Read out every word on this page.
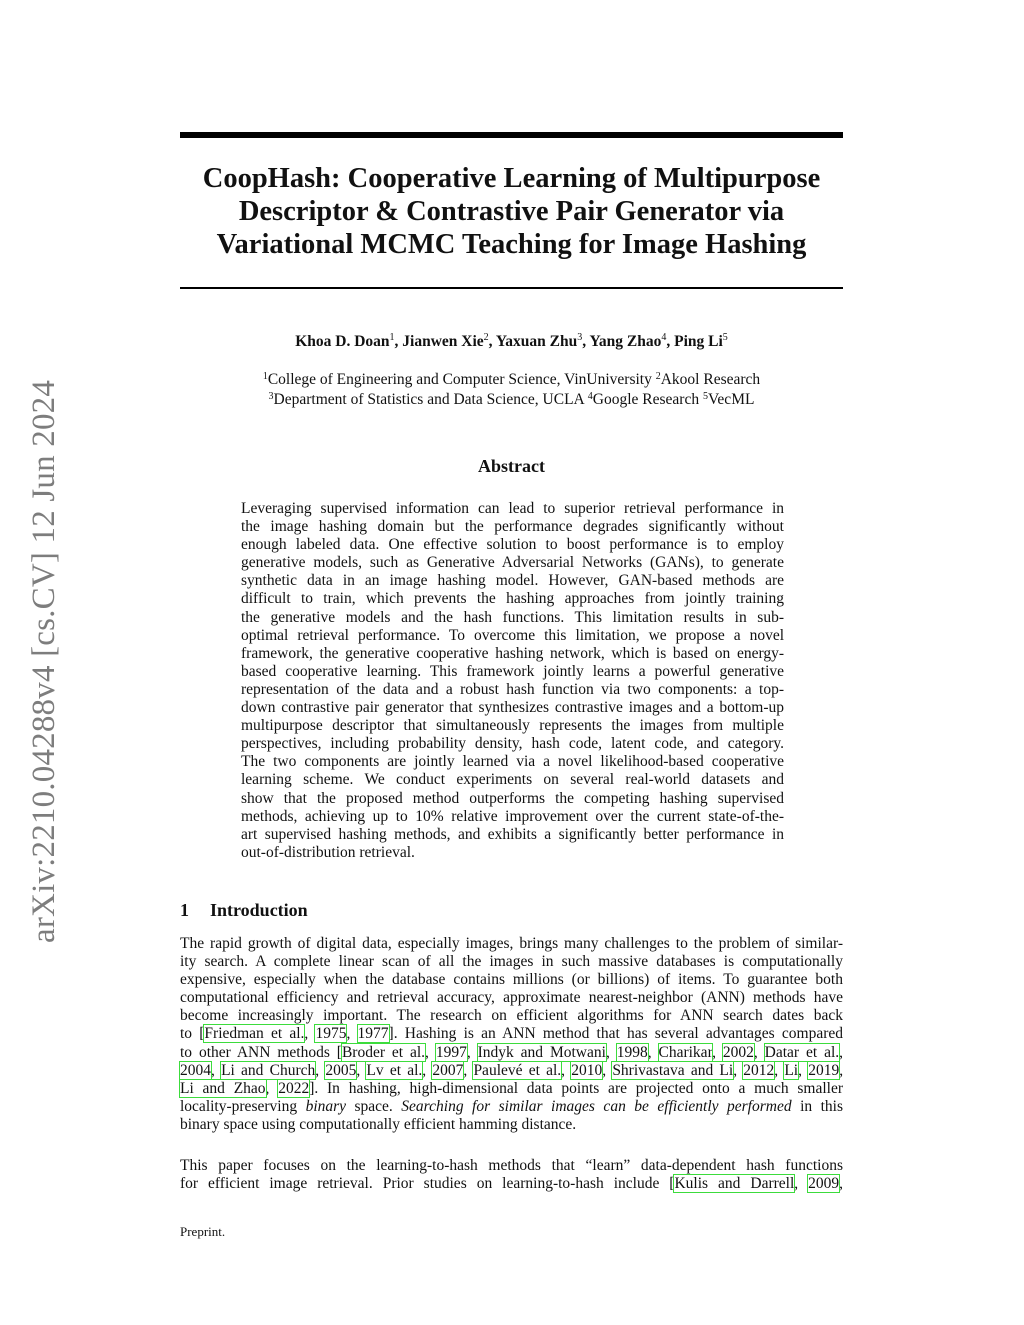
arXiv:2210.04288v4 [cs.CV] 12 Jun 2024
CoopHash: Cooperative Learning of Multipurpose
Descriptor & Contrastive Pair Generator via
Variational MCMC Teaching for Image Hashing
Khoa D. Doan$^1$, Jianwen Xie$^2$, Yaxuan Zhu$^3$, Yang Zhao$^4$, Ping Li$^5$
$^1$College of Engineering and Computer Science, VinUniversity $^2$Akool Research
$^3$Department of Statistics and Data Science, UCLA $^4$Google Research $^5$VecML
Abstract
Leveraging supervised information can lead to superior retrieval performance in
the image hashing domain but the performance degrades significantly without
enough labeled data. One effective solution to boost performance is to employ
generative models, such as Generative Adversarial Networks (GANs), to generate
synthetic data in an image hashing model. However, GAN-based methods are
difficult to train, which prevents the hashing approaches from jointly training
the generative models and the hash functions. This limitation results in sub-
optimal retrieval performance. To overcome this limitation, we propose a novel
framework, the generative cooperative hashing network, which is based on energy-
based cooperative learning. This framework jointly learns a powerful generative
representation of the data and a robust hash function via two components: a top-
down contrastive pair generator that synthesizes contrastive images and a bottom-up
multipurpose descriptor that simultaneously represents the images from multiple
perspectives, including probability density, hash code, latent code, and category.
The two components are jointly learned via a novel likelihood-based cooperative
learning scheme. We conduct experiments on several real-world datasets and
show that the proposed method outperforms the competing hashing supervised
methods, achieving up to 10% relative improvement over the current state-of-the-
art supervised hashing methods, and exhibits a significantly better performance in
out-of-distribution retrieval.
1 Introduction
The rapid growth of digital data, especially images, brings many challenges to the problem of similar-
ity search. A complete linear scan of all the images in such massive databases is computationally
expensive, especially when the database contains millions (or billions) of items. To guarantee both
computational efficiency and retrieval accuracy, approximate nearest-neighbor (ANN) methods have
become increasingly important. The research on efficient algorithms for ANN search dates back
to [Friedman et al., 1975, 1977]. Hashing is an ANN method that has several advantages compared
to other ANN methods [Broder et al., 1997, Indyk and Motwani, 1998, Charikar, 2002, Datar et al.,
2004, Li and Church, 2005, Lv et al., 2007, Paulevé et al., 2010, Shrivastava and Li, 2012, Li, 2019,
Li and Zhao, 2022]. In hashing, high-dimensional data points are projected onto a much smaller
locality-preserving binary space. Searching for similar images can be efficiently performed in this
binary space using computationally efficient hamming distance.
This paper focuses on the learning-to-hash methods that “learn” data-dependent hash functions
for efficient image retrieval. Prior studies on learning-to-hash include [Kulis and Darrell, 2009,
Preprint.
